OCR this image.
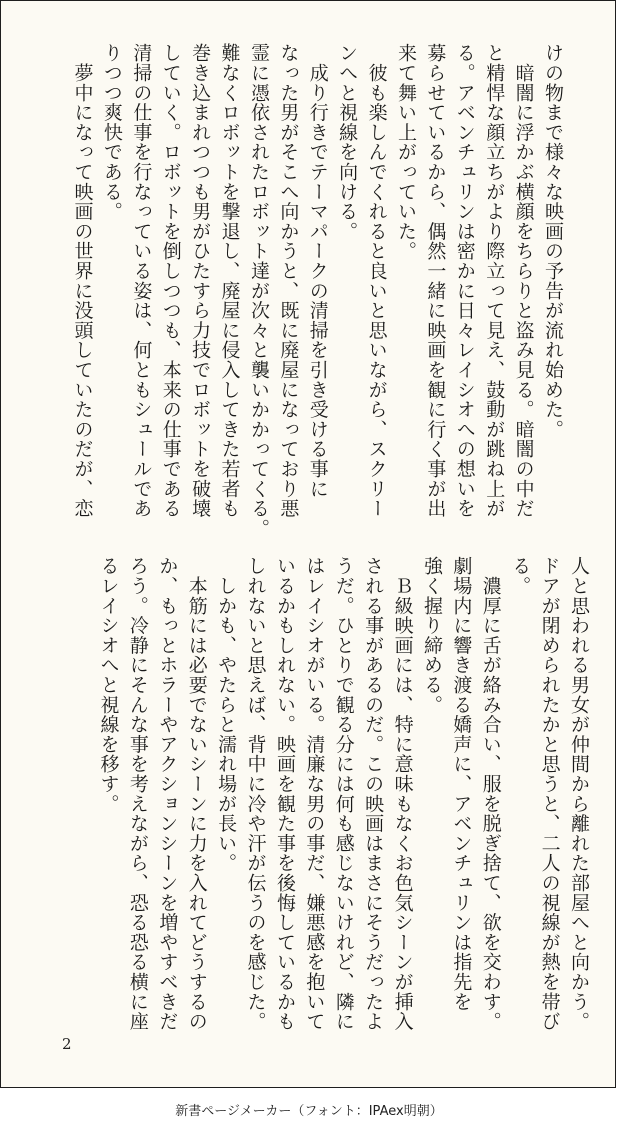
けの物まで様々な映画の予告が流れ始めた。
　暗闇に浮かぶ横顔をちらりと盗み見る。暗闇の中だ
と精悍な顔立ちがより際立って見え、鼓動が跳ね上が
る。アベンチュリンは密かに日々レイシオへの想いを
募らせているから、偶然一緒に映画を観に行く事が出
来て舞い上がっていた。
　彼も楽しんでくれると良いと思いながら、スクリー
ンへと視線を向ける。
　成り行きでテーマパークの清掃を引き受ける事に
なった男がそこへ向かうと、既に廃屋になっており悪
霊に憑依されたロボット達が次々と襲いかかってくる。
難なくロボットを撃退し、廃屋に侵入してきた若者も
巻き込まれつつも男がひたすら力技でロボットを破壊
していく。ロボットを倒しつつも、本来の仕事である
清掃の仕事を行なっている姿は、何ともシュールであ
りつつ爽快である。
　夢中になって映画の世界に没頭していたのだが、恋
人と思われる男女が仲間から離れた部屋へと向かう。
ドアが閉められたかと思うと、二人の視線が熱を帯び
る。
　濃厚に舌が絡み合い、服を脱ぎ捨て、欲を交わす。
劇場内に響き渡る嬌声に、アベンチュリンは指先を
強く握り締める。
　Ｂ級映画には、特に意味もなくお色気シーンが挿入
される事があるのだ。この映画はまさにそうだったよ
うだ。ひとりで観る分には何も感じないけれど、隣に
はレイシオがいる。清廉な男の事だ、嫌悪感を抱いて
いるかもしれない。映画を観た事を後悔しているかも
しれないと思えば、背中に冷や汗が伝うのを感じた。
　しかも、やたらと濡れ場が長い。
　本筋には必要でないシーンに力を入れてどうするの
か、もっとホラーやアクションシーンを増やすべきだ
ろう。冷静にそんな事を考えながら、恐る恐る横に座
るレイシオへと視線を移す。
2
新書ページメーカー（フォント：IPAex明朝）
